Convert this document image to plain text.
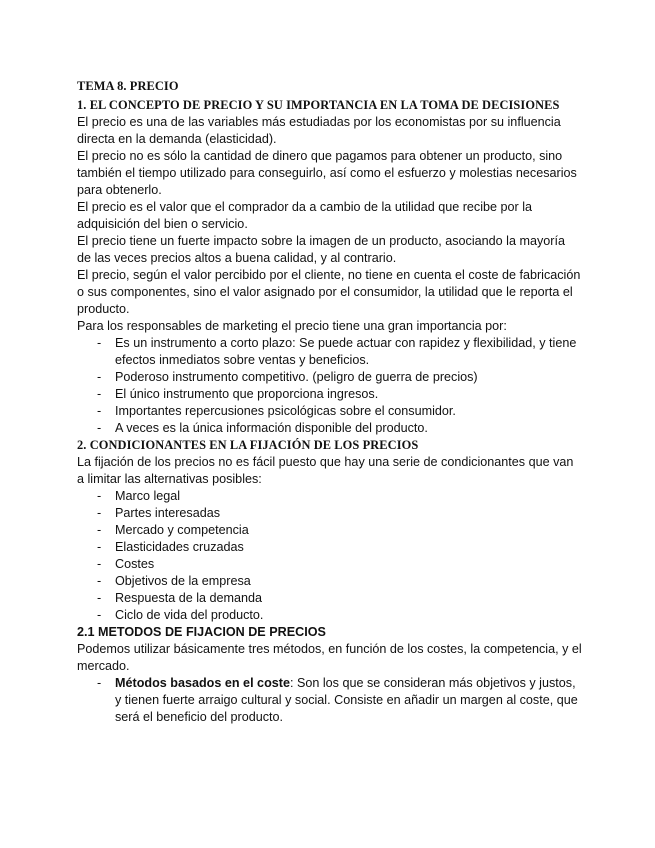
TEMA 8. PRECIO
1. EL CONCEPTO DE PRECIO Y SU IMPORTANCIA EN LA TOMA DE DECISIONES

El precio es una de las variables más estudiadas por los economistas por su influencia directa en la demanda (elasticidad).

El precio no es sólo la cantidad de dinero que pagamos para obtener un producto, sino también el tiempo utilizado para conseguirlo, así como el esfuerzo y molestias necesarios para obtenerlo.

El precio es el valor que el comprador da a cambio de la utilidad que recibe por la adquisición del bien o servicio.

El precio tiene un fuerte impacto sobre la imagen de un producto, asociando la mayoría de las veces precios altos a buena calidad, y al contrario.

El precio, según el valor percibido por el cliente, no tiene en cuenta el coste de fabricación o sus componentes, sino el valor asignado por el consumidor, la utilidad que le reporta el producto.

Para los responsables de marketing el precio tiene una gran importancia por:

- Es un instrumento a corto plazo: Se puede actuar con rapidez y flexibilidad, y tiene efectos inmediatos sobre ventas y beneficios.
- Poderoso instrumento competitivo. (peligro de guerra de precios)
- El único instrumento que proporciona ingresos.
- Importantes repercusiones psicológicas sobre el consumidor.
- A veces es la única información disponible del producto.
2. CONDICIONANTES EN LA FIJACIÓN DE LOS PRECIOS

La fijación de los precios no es fácil puesto que hay una serie de condicionantes que van a limitar las alternativas posibles:

- Marco legal
- Partes interesadas
- Mercado y competencia
- Elasticidades cruzadas
- Costes
- Objetivos de la empresa
- Respuesta de la demanda
- Ciclo de vida del producto.
2.1 METODOS DE FIJACION DE PRECIOS

Podemos utilizar básicamente tres métodos, en función de los costes, la competencia, y el mercado.

- Métodos basados en el coste: Son los que se consideran más objetivos y justos, y tienen fuerte arraigo cultural y social. Consiste en añadir un margen al coste, que será el beneficio del producto.
